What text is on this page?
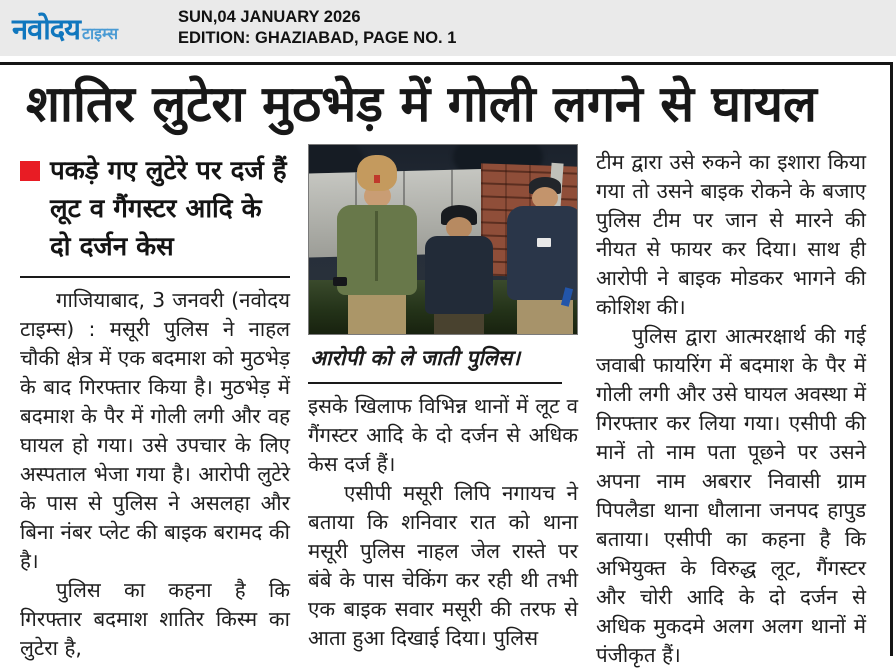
नवोदय टाइम्स
SUN,04 JANUARY 2026
EDITION: GHAZIABAD, PAGE NO. 1
शातिर लुटेरा मुठभेड़ में गोली लगने से घायल
पकड़े गए लुटेरे पर दर्ज हैं लूट व गैंगस्टर आदि के दो दर्जन केस

गाजियाबाद, 3 जनवरी (नवोदय टाइम्स) : मसूरी पुलिस ने नाहल चौकी क्षेत्र में एक बदमाश को मुठभेड़ के बाद गिरफ्तार किया है। मुठभेड़ में बदमाश के पैर में गोली लगी और वह घायल हो गया। उसे उपचार के लिए अस्पताल भेजा गया है। आरोपी लुटेरे के पास से पुलिस ने असलहा और बिना नंबर प्लेट की बाइक बरामद की है।

पुलिस का कहना है कि गिरफ्तार बदमाश शातिर किस्म का लुटेरा है,

आरोपी को ले जाती पुलिस।

इसके खिलाफ विभिन्न थानों में लूट व गैंगस्टर आदि के दो दर्जन से अधिक केस दर्ज हैं।

एसीपी मसूरी लिपि नगायच ने बताया कि शनिवार रात को थाना मसूरी पुलिस नाहल जेल रास्ते पर बंबे के पास चेकिंग कर रही थी तभी एक बाइक सवार मसूरी की तरफ से आता हुआ दिखाई दिया। पुलिस

टीम द्वारा उसे रुकने का इशारा किया गया तो उसने बाइक रोकने के बजाए पुलिस टीम पर जान से मारने की नीयत से फायर कर दिया। साथ ही आरोपी ने बाइक मोडकर भागने की कोशिश की।

पुलिस द्वारा आत्मरक्षार्थ की गई जवाबी फायरिंग में बदमाश के पैर में गोली लगी और उसे घायल अवस्था में गिरफ्तार कर लिया गया। एसीपी की मानें तो नाम पता पूछने पर उसने अपना नाम अबरार निवासी ग्राम पिपलैडा थाना धौलाना जनपद हापुड बताया। एसीपी का कहना है कि अभियुक्त के विरुद्ध लूट, गैंगस्टर और चोरी आदि के दो दर्जन से अधिक मुकदमे अलग अलग थानों में पंजीकृत हैं।
